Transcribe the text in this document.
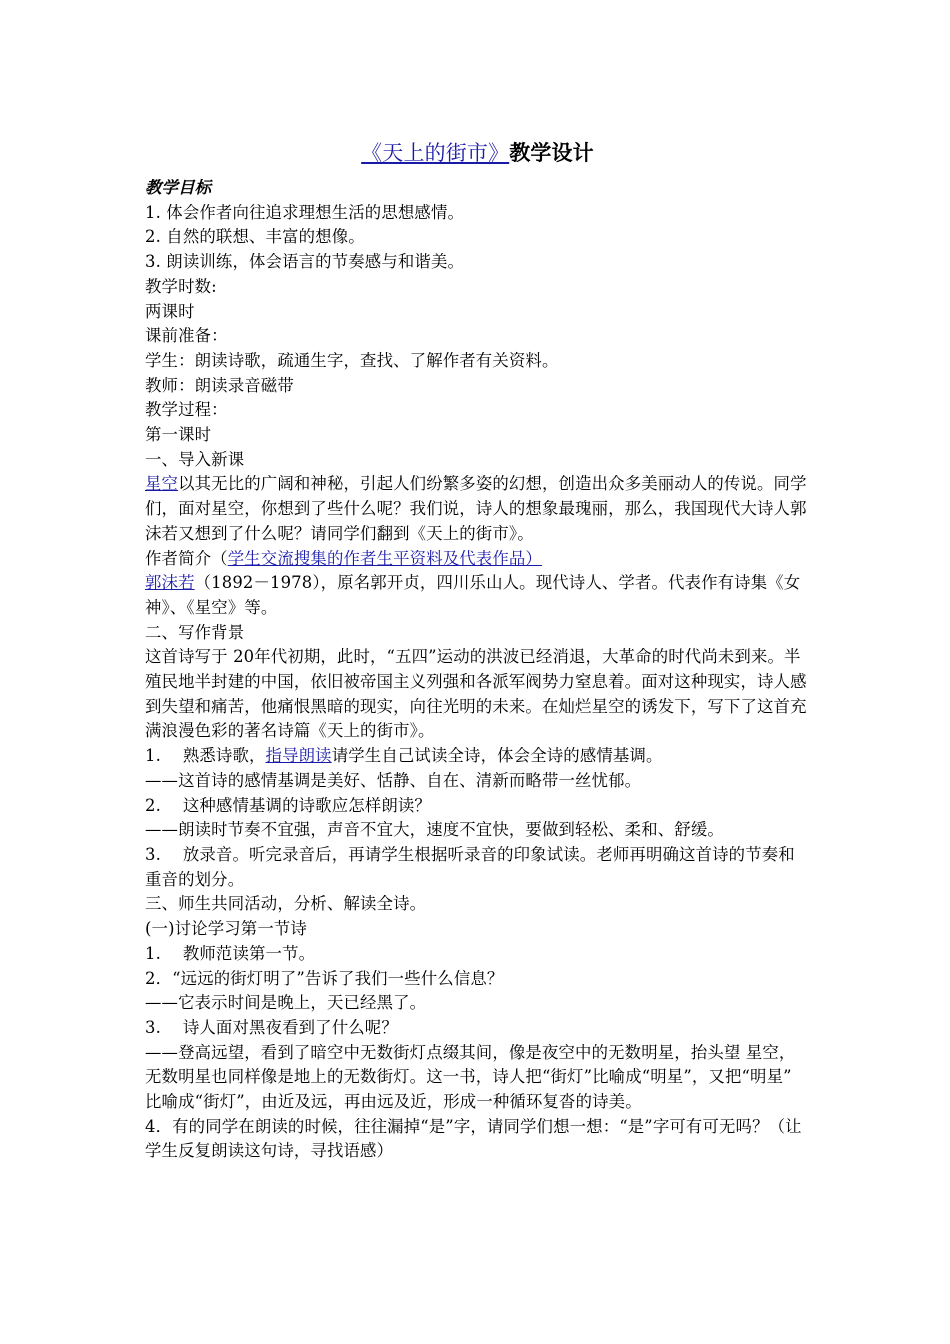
《天上的街市》教学设计

教学目标

1. 体会作者向往追求理想生活的思想感情。

2. 自然的联想、丰富的想像。

3. 朗读训练，体会语言的节奏感与和谐美。

教学时数:

两课时

课前准备：

学生：朗读诗歌，疏通生字，查找、了解作者有关资料。

教师：朗读录音磁带

教学过程：

第一课时

一、导入新课

星空以其无比的广阔和神秘，引起人们纷繁多姿的幻想，创造出众多美丽动人的传说。同学们，面对星空，你想到了些什么呢？我们说，诗人的想象最瑰丽，那么，我国现代大诗人郭沫若又想到了什么呢？请同学们翻到《天上的街市》。

作者简介（学生交流搜集的作者生平资料及代表作品）

郭沫若（1892－1978），原名郭开贞，四川乐山人。现代诗人、学者。代表作有诗集《女神》、《星空》等。

二、写作背景

这首诗写于 20年代初期，此时，“五四”运动的洪波已经消退，大革命的时代尚未到来。半殖民地半封建的中国，依旧被帝国主义列强和各派军阀势力窒息着。面对这种现实，诗人感到失望和痛苦，他痛恨黑暗的现实，向往光明的未来。在灿烂星空的诱发下，写下了这首充满浪漫色彩的著名诗篇《天上的街市》。

1.　 熟悉诗歌，指导朗读请学生自己试读全诗，体会全诗的感情基调。

——这首诗的感情基调是美好、恬静、自在、清新而略带一丝忧郁。

2.　 这种感情基调的诗歌应怎样朗读？

——朗读时节奏不宜强，声音不宜大，速度不宜快，要做到轻松、柔和、舒缓。

3.　 放录音。听完录音后，再请学生根据听录音的印象试读。老师再明确这首诗的节奏和重音的划分。

三、师生共同活动，分析、解读全诗。

(一)讨论学习第一节诗

1.　 教师范读第一节。

2．“远远的街灯明了”告诉了我们一些什么信息？

——它表示时间是晚上，天已经黑了。

3.　 诗人面对黑夜看到了什么呢？

——登高远望，看到了暗空中无数街灯点缀其间，像是夜空中的无数明星，抬头望 星空，无数明星也同样像是地上的无数街灯。这一书，诗人把“街灯”比喻成“明星”，又把“明星”

比喻成“街灯”，由近及远，再由远及近，形成一种循环复沓的诗美。

4．有的同学在朗读的时候，往往漏掉“是”字，请同学们想一想：“是”字可有可无吗？（让学生反复朗读这句诗，寻找语感）
